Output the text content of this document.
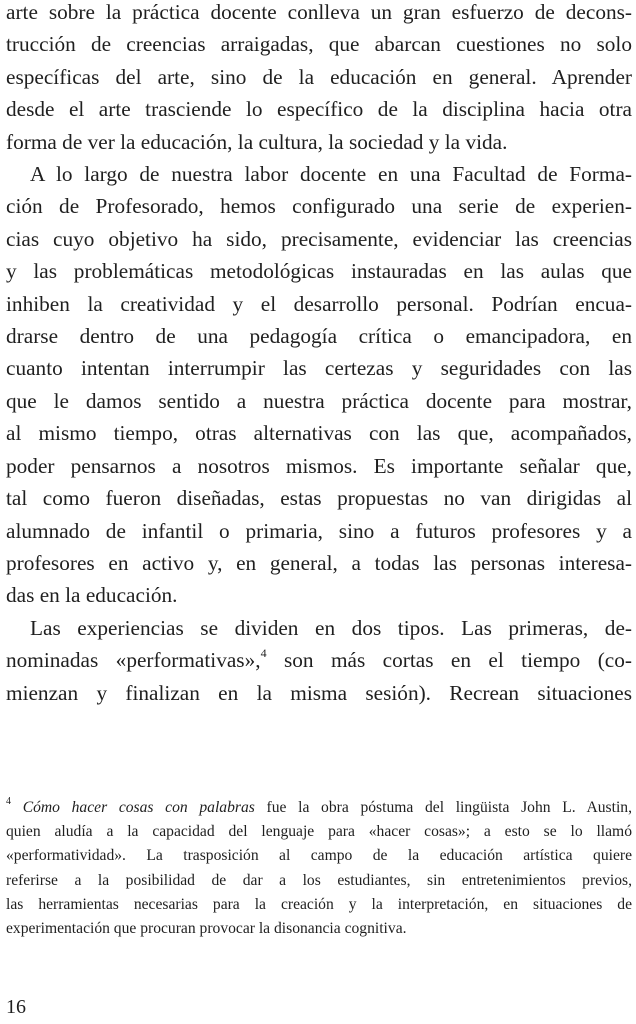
arte sobre la práctica docente conlleva un gran esfuerzo de decons-
trucción de creencias arraigadas, que abarcan cuestiones no solo
específicas del arte, sino de la educación en general. Aprender
desde el arte trasciende lo específico de la disciplina hacia otra
forma de ver la educación, la cultura, la sociedad y la vida.
A lo largo de nuestra labor docente en una Facultad de Forma-
ción de Profesorado, hemos configurado una serie de experien-
cias cuyo objetivo ha sido, precisamente, evidenciar las creencias
y las problemáticas metodológicas instauradas en las aulas que
inhiben la creatividad y el desarrollo personal. Podrían encua-
drarse dentro de una pedagogía crítica o emancipadora, en
cuanto intentan interrumpir las certezas y seguridades con las
que le damos sentido a nuestra práctica docente para mostrar,
al mismo tiempo, otras alternativas con las que, acompañados,
poder pensarnos a nosotros mismos. Es importante señalar que,
tal como fueron diseñadas, estas propuestas no van dirigidas al
alumnado de infantil o primaria, sino a futuros profesores y a
profesores en activo y, en general, a todas las personas interesa-
das en la educación.
Las experiencias se dividen en dos tipos. Las primeras, de-
nominadas «performativas»,$^4$ son más cortas en el tiempo (co-
mienzan y finalizan en la misma sesión). Recrean situaciones
$^4$ Cómo hacer cosas con palabras fue la obra póstuma del lingüista John L. Austin,
quien aludía a la capacidad del lenguaje para «hacer cosas»; a esto se lo llamó
«performatividad». La trasposición al campo de la educación artística quiere
referirse a la posibilidad de dar a los estudiantes, sin entretenimientos previos,
las herramientas necesarias para la creación y la interpretación, en situaciones de
experimentación que procuran provocar la disonancia cognitiva.
16
